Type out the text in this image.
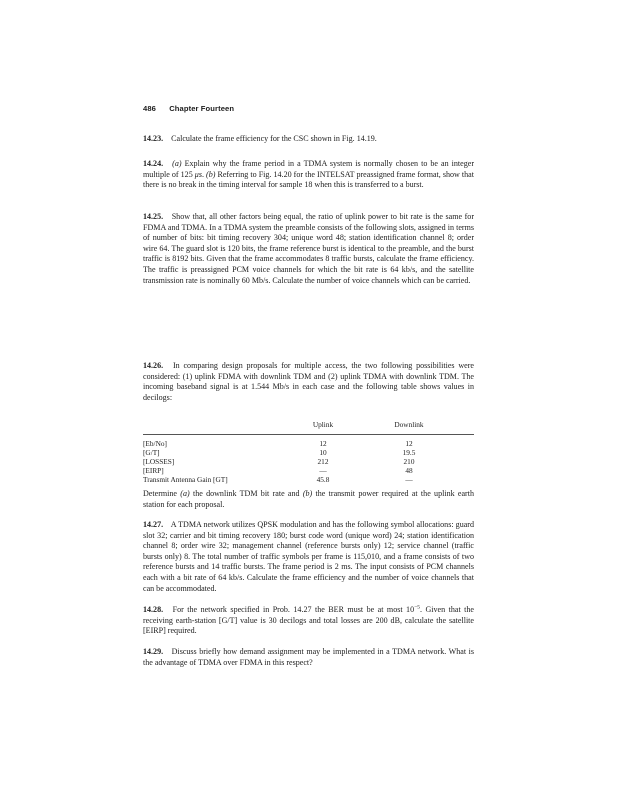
486 Chapter Fourteen
14.23. Calculate the frame efficiency for the CSC shown in Fig. 14.19.
14.24. (a) Explain why the frame period in a TDMA system is normally chosen to be an integer multiple of 125 μs. (b) Referring to Fig. 14.20 for the INTELSAT preassigned frame format, show that there is no break in the timing interval for sample 18 when this is transferred to a burst.
14.25. Show that, all other factors being equal, the ratio of uplink power to bit rate is the same for FDMA and TDMA. In a TDMA system the preamble consists of the following slots, assigned in terms of number of bits: bit timing recovery 304; unique word 48; station identification channel 8; order wire 64. The guard slot is 120 bits, the frame reference burst is identical to the preamble, and the burst traffic is 8192 bits. Given that the frame accommodates 8 traffic bursts, calculate the frame efficiency. The traffic is preassigned PCM voice channels for which the bit rate is 64 kb/s, and the satellite transmission rate is nominally 60 Mb/s. Calculate the number of voice channels which can be carried.
14.26. In comparing design proposals for multiple access, the two following possibilities were considered: (1) uplink FDMA with downlink TDM and (2) uplink TDMA with downlink TDM. The incoming baseband signal is at 1.544 Mb/s in each case and the following table shows values in decilogs:
Uplink	Downlink
[Eb/No]	12	12
[G/T]	10	19.5
[LOSSES]	212	210
[EIRP]	—	48
Transmit Antenna Gain [GT]	45.8	—
Determine (a) the downlink TDM bit rate and (b) the transmit power required at the uplink earth station for each proposal.
14.27. A TDMA network utilizes QPSK modulation and has the following symbol allocations: guard slot 32; carrier and bit timing recovery 180; burst code word (unique word) 24; station identification channel 8; order wire 32; management channel (reference bursts only) 12; service channel (traffic bursts only) 8. The total number of traffic symbols per frame is 115,010, and a frame consists of two reference bursts and 14 traffic bursts. The frame period is 2 ms. The input consists of PCM channels each with a bit rate of 64 kb/s. Calculate the frame efficiency and the number of voice channels that can be accommodated.
14.28. For the network specified in Prob. 14.27 the BER must be at most $10^{-5}$. Given that the receiving earth-station [G/T] value is 30 decilogs and total losses are 200 dB, calculate the satellite [EIRP] required.
14.29. Discuss briefly how demand assignment may be implemented in a TDMA network. What is the advantage of TDMA over FDMA in this respect?
